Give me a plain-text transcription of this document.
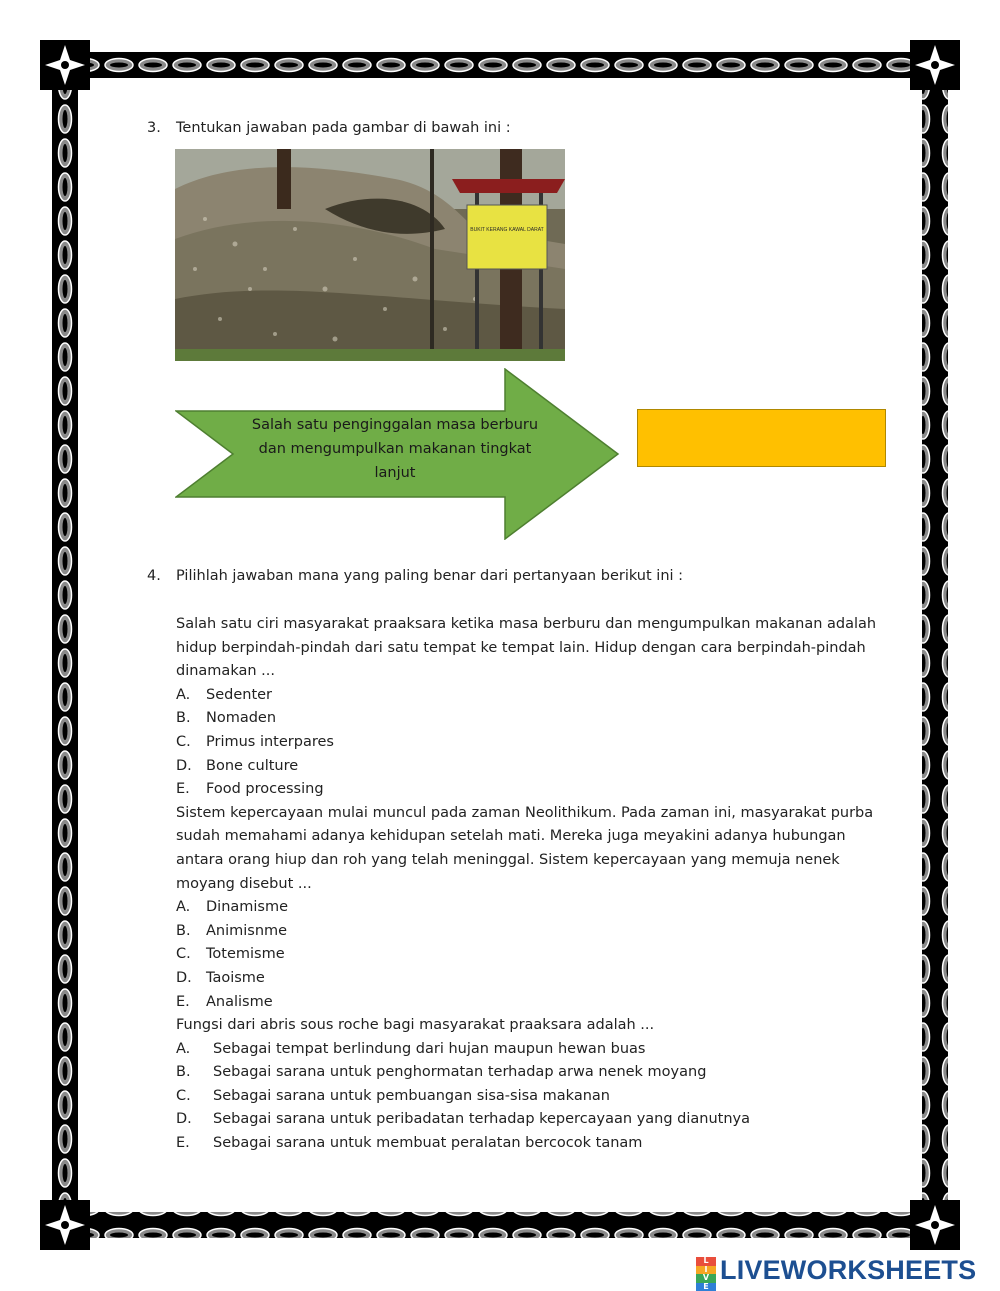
3. Tentukan jawaban pada gambar di bawah ini :
BUKIT KERANG KAWAL DARAT
Salah satu penginggalan masa berburu dan mengumpulkan makanan tingkat lanjut
4. Pilihlah jawaban mana yang paling benar dari pertanyaan berikut ini :

Salah satu ciri masyarakat praaksara ketika masa berburu dan mengumpulkan makanan adalah hidup berpindah-pindah dari satu tempat ke tempat lain. Hidup dengan cara berpindah-pindah dinamakan ...

A.	Sedenter
B.	Nomaden
C.	Primus interpares
D. Bone culture
E.	Food processing

Sistem kepercayaan mulai muncul pada zaman Neolithikum. Pada zaman ini, masyarakat purba sudah memahami adanya kehidupan setelah mati. Mereka juga meyakini adanya hubungan antara orang hiup dan roh yang telah meninggal. Sistem kepercayaan yang memuja nenek moyang disebut ...

A.	Dinamisme
B.	Animisnme
C.	Totemisme
D. Taoisme
E.	Analisme

Fungsi dari abris sous roche bagi masyarakat praaksara adalah ...

A.	Sebagai tempat berlindung dari hujan maupun hewan buas
B.	Sebagai sarana untuk penghormatan terhadap arwa nenek moyang
C.	Sebagai sarana untuk pembuangan sisa-sisa makanan
D.	Sebagai sarana untuk peribadatan terhadap kepercayaan yang dianutnya
E.	Sebagai sarana untuk membuat peralatan bercocok tanam
L
I
V
E
LIVEWORKSHEETS
